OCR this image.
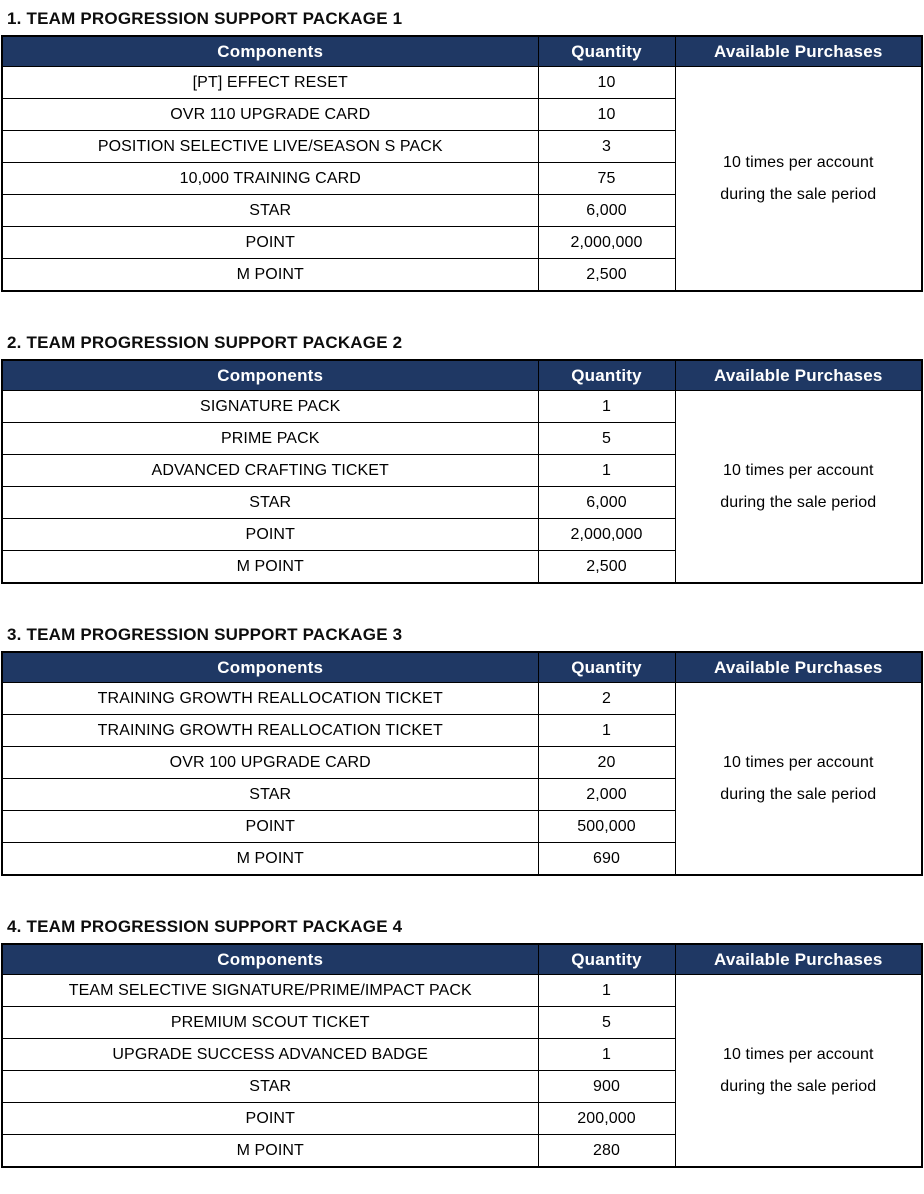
1. TEAM PROGRESSION SUPPORT PACKAGE 1
Components	Quantity	Available Purchases
[PT] EFFECT RESET	10	10 times per account
during the sale period

OVR 110 UPGRADE CARD	10	
POSITION SELECTIVE LIVE/SEASON S PACK	3	
10,000 TRAINING CARD	75	
STAR	6,000	
POINT	2,000,000	
M POINT	2,500	
2. TEAM PROGRESSION SUPPORT PACKAGE 2
Components	Quantity	Available Purchases
SIGNATURE PACK	1	10 times per account
during the sale period

PRIME PACK	5	
ADVANCED CRAFTING TICKET	1	
STAR	6,000	
POINT	2,000,000	
M POINT	2,500	
3. TEAM PROGRESSION SUPPORT PACKAGE 3
Components	Quantity	Available Purchases
TRAINING GROWTH REALLOCATION TICKET	2	10 times per account
during the sale period

TRAINING GROWTH REALLOCATION TICKET	1	
OVR 100 UPGRADE CARD	20	
STAR	2,000	
POINT	500,000	
M POINT	690	
4. TEAM PROGRESSION SUPPORT PACKAGE 4
Components	Quantity	Available Purchases
TEAM SELECTIVE SIGNATURE/PRIME/IMPACT PACK	1	10 times per account
during the sale period

PREMIUM SCOUT TICKET	5	
UPGRADE SUCCESS ADVANCED BADGE	1	
STAR	900	
POINT	200,000	
M POINT	280	
